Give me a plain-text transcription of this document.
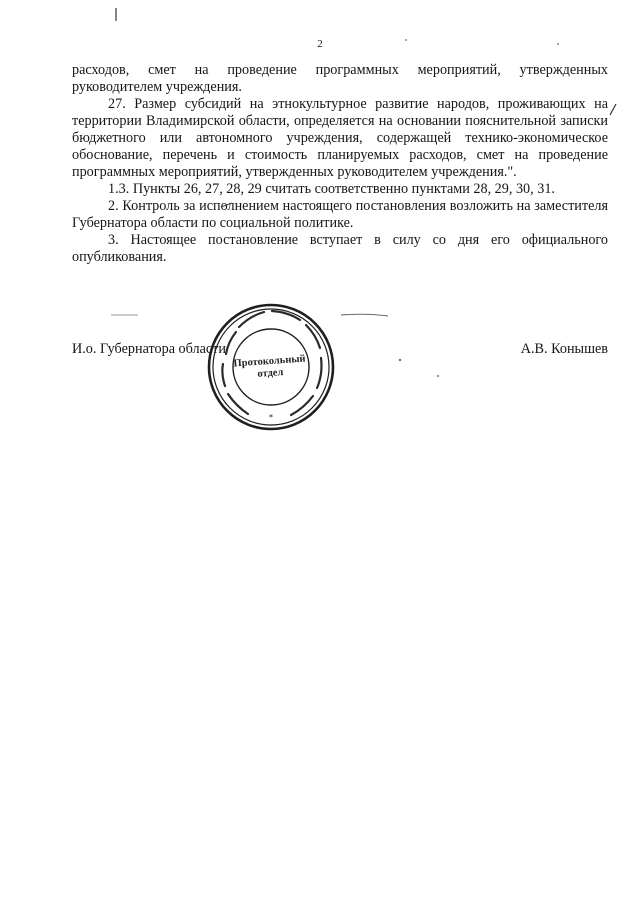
2

расходов, смет на проведение программных мероприятий, утвержденных руководителем учреждения.

27. Размер субсидий на этнокультурное развитие народов, проживающих на территории Владимирской области, определяется на основании пояснительной записки бюджетного или автономного учреждения, содержащей технико-экономическое обоснование, перечень и стоимость планируемых расходов, смет на проведение программных мероприятий, утвержденных руководителем учреждения.".

1.3. Пункты 26, 27, 28, 29 считать соответственно пунктами 28, 29, 30, 31.

2. Контроль за исполнением настоящего постановления возложить на заместителя Губернатора области по социальной политике.

3. Настоящее постановление вступает в силу со дня его официального опубликования.

И.о. Губернатора области	А.В. Конышев
*
Протокольный отдел
